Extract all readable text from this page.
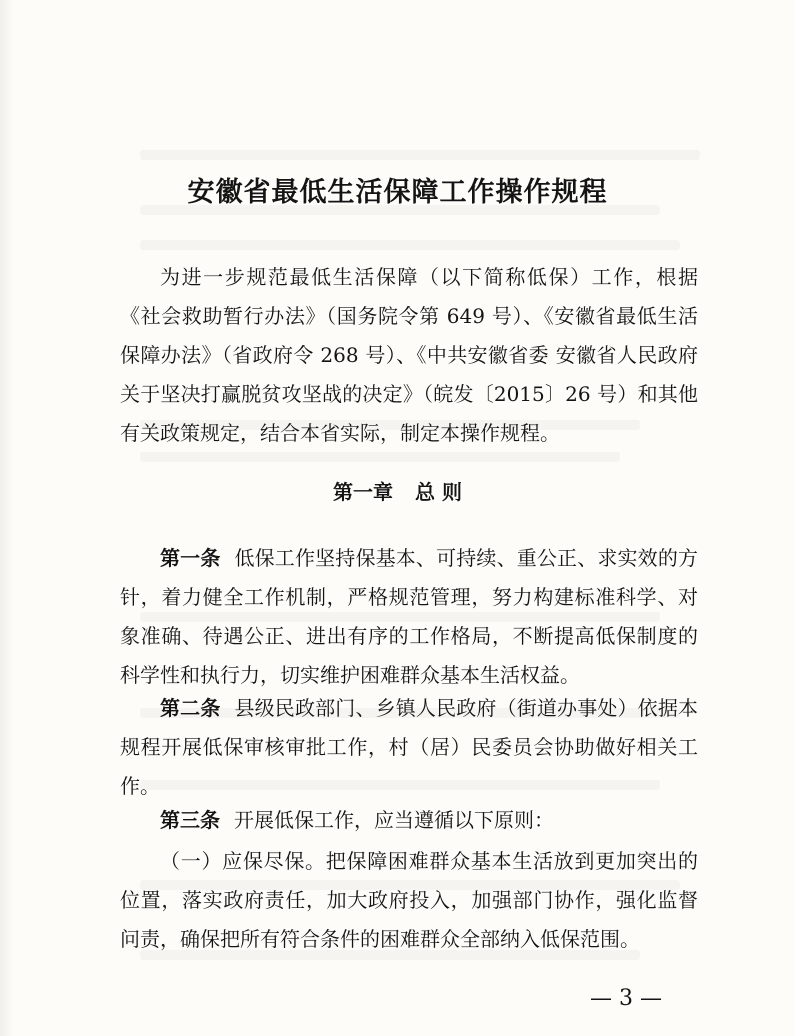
安徽省最低生活保障工作操作规程

为进一步规范最低生活保障（以下简称低保）工作，根据《社会救助暂行办法》（国务院令第 649 号）、《安徽省最低生活保障办法》（省政府令 268 号）、《中共安徽省委 安徽省人民政府关于坚决打赢脱贫攻坚战的决定》（皖发〔2015〕26 号）和其他有关政策规定，结合本省实际，制定本操作规程。

第一章 总 则

第一条 低保工作坚持保基本、可持续、重公正、求实效的方针，着力健全工作机制，严格规范管理，努力构建标准科学、对象准确、待遇公正、进出有序的工作格局，不断提高低保制度的科学性和执行力，切实维护困难群众基本生活权益。

第二条 县级民政部门、乡镇人民政府（街道办事处）依据本规程开展低保审核审批工作，村（居）民委员会协助做好相关工作。

第三条 开展低保工作，应当遵循以下原则：

（一）应保尽保。把保障困难群众基本生活放到更加突出的位置，落实政府责任，加大政府投入，加强部门协作，强化监督问责，确保把所有符合条件的困难群众全部纳入低保范围。

— 3 —
